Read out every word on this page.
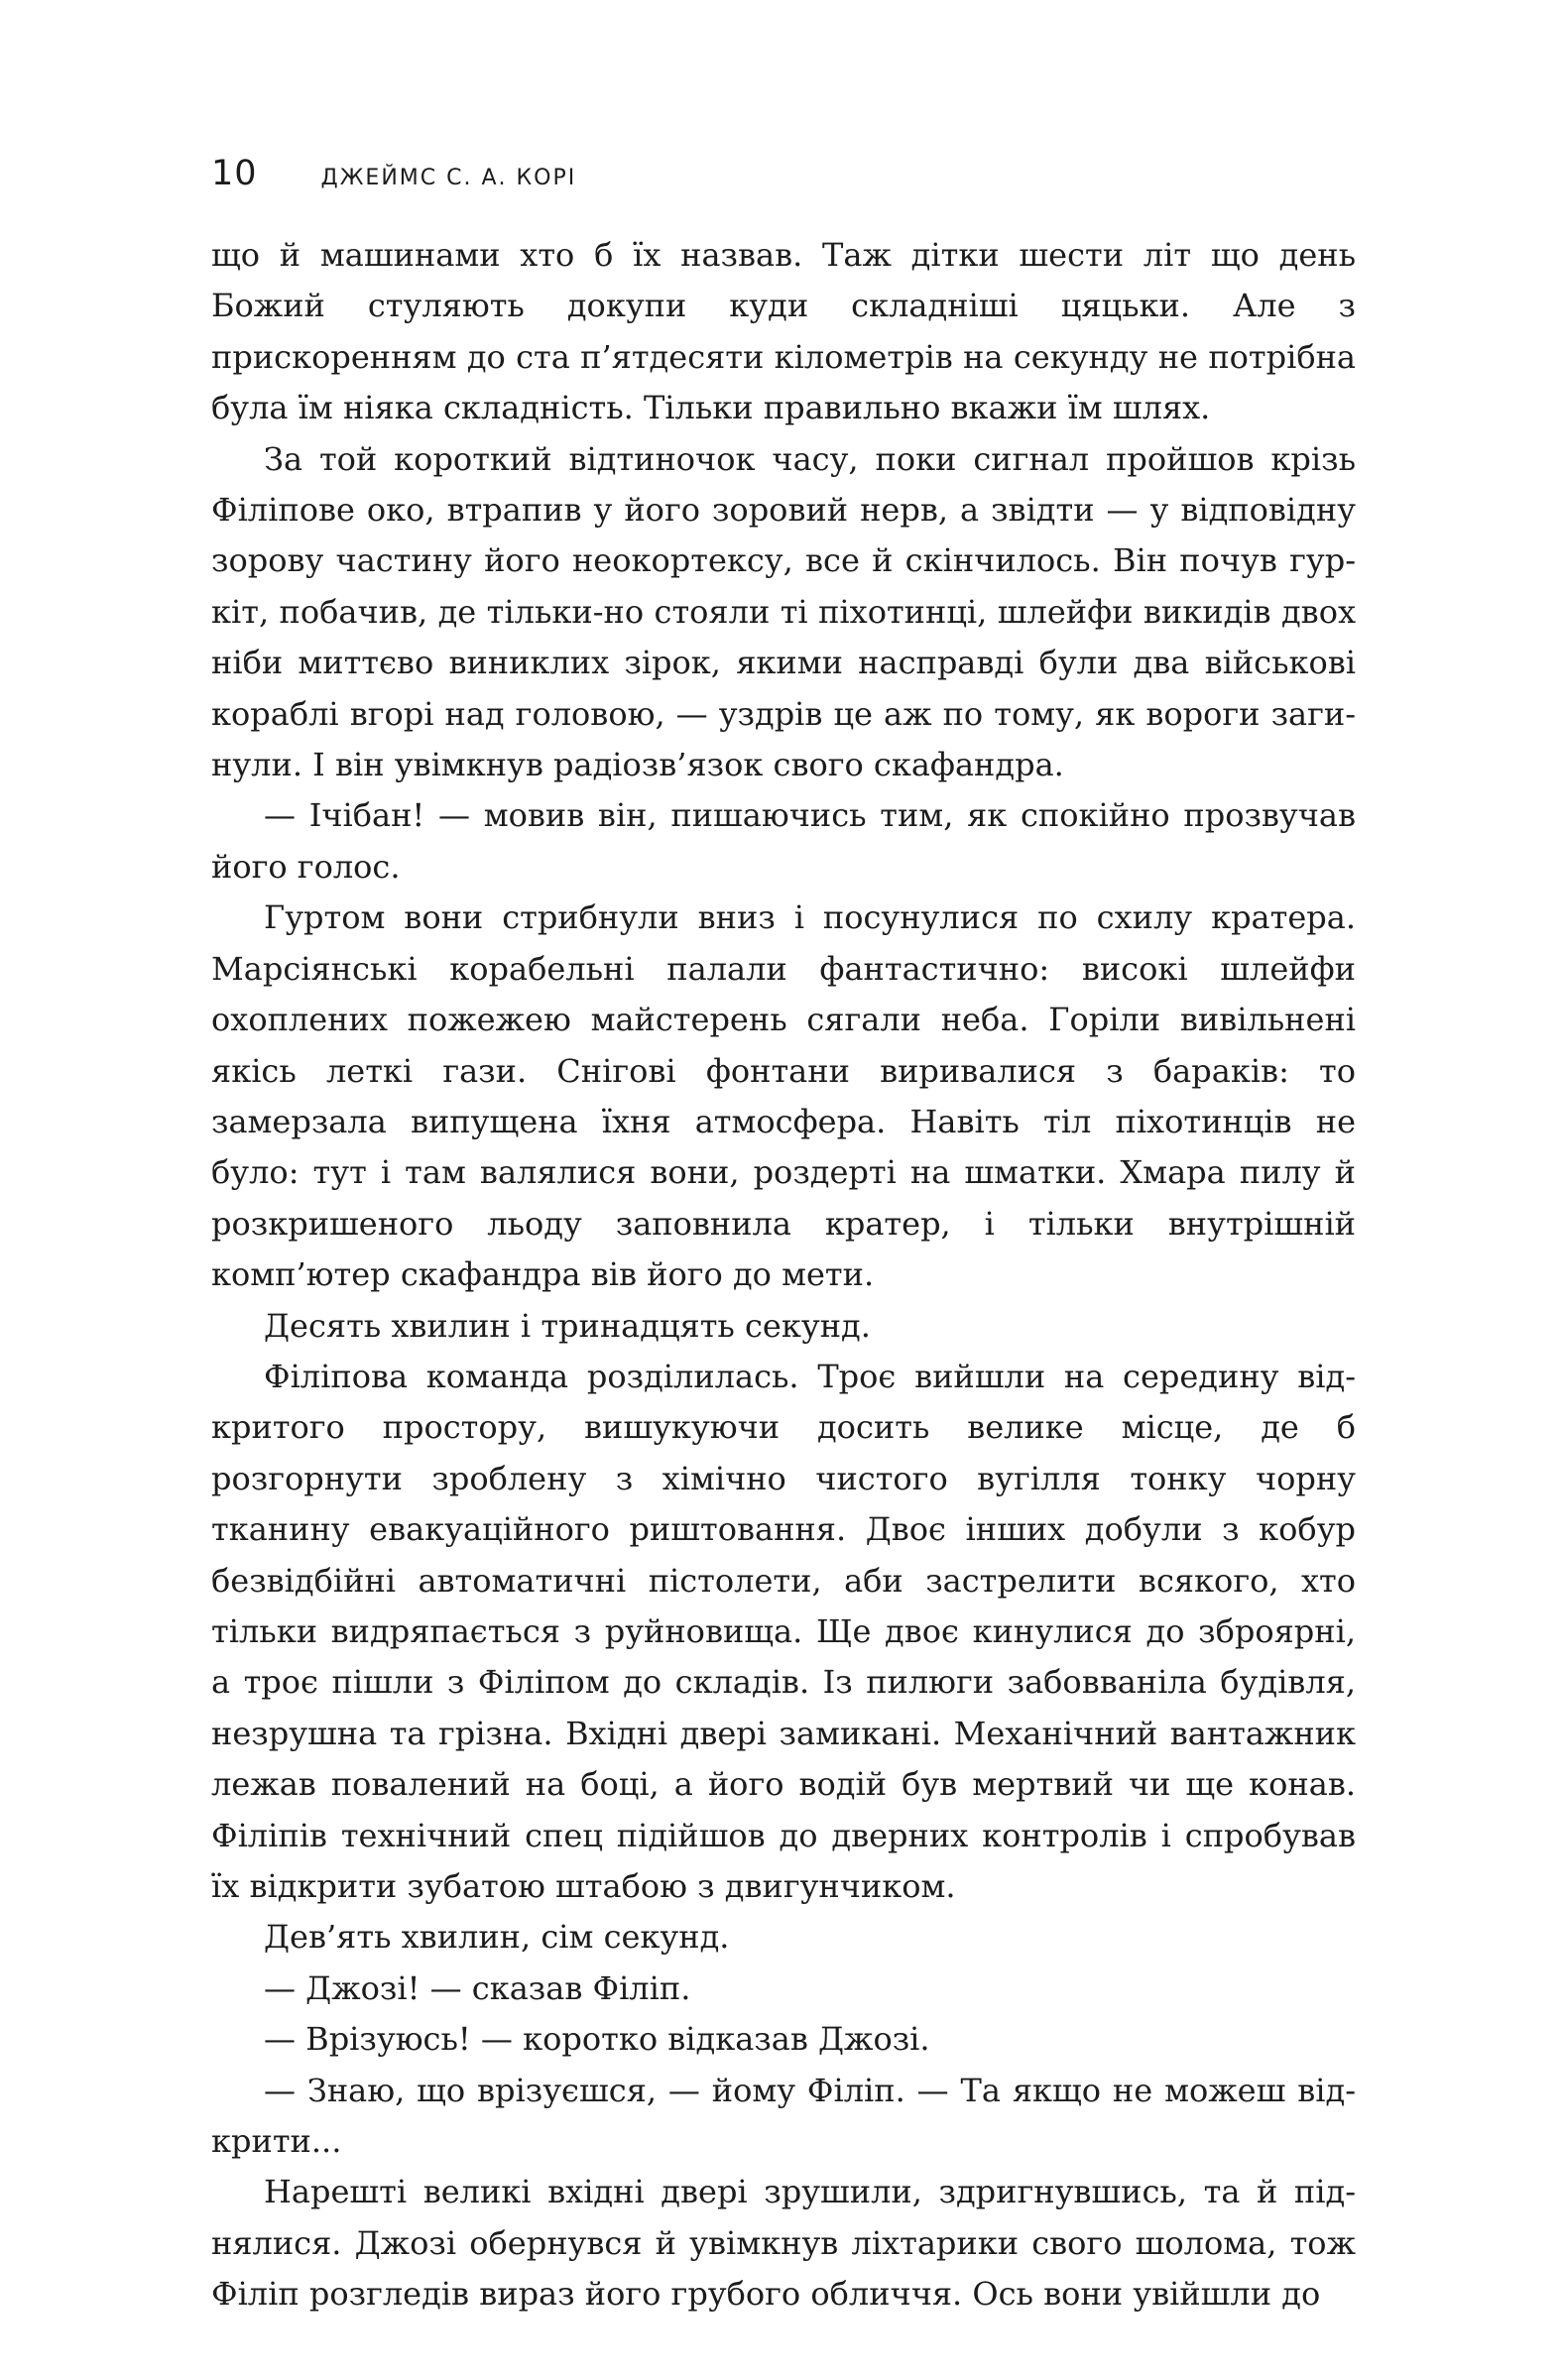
10	ДЖЕЙМС С. А. КОРІ

що й машинами хто б їх назвав. Таж дітки шести літ що день Божий стуляють докупи куди складніші цяцьки. Але з прискоренням до ста п’ятдесяти кілометрів на секунду не потрібна була їм ніяка складність. Тільки правильно вкажи їм шлях.

За той короткий відтиночок часу, поки сигнал пройшов крізь Філіпове око, втрапив у його зоровий нерв, а звідти — у відповідну зорову частину його неокортексу, все й скінчилось. Він почув гуркіт, побачив, де тільки-но стояли ті піхотинці, шлейфи викидів двох ніби миттєво виниклих зірок, якими насправді були два військові кораблі вгорі над головою, — уздрів це аж по тому, як вороги загинули. І він увімкнув радіозв’язок свого скафандра.

— Ічібан! — мовив він, пишаючись тим, як спокійно прозвучав його голос.

Гуртом вони стрибнули вниз і посунулися по схилу кратера. Марсіянські корабельні палали фантастично: високі шлейфи охоплених пожежею майстерень сягали неба. Горіли вивільнені якісь леткі гази. Снігові фонтани виривалися з бараків: то замерзала випущена їхня атмосфера. Навіть тіл піхотинців не було: тут і там валялися вони, роздерті на шматки. Хмара пилу й розкришеного льоду заповнила кратер, і тільки внутрішній комп’ютер скафандра вів його до мети.

Десять хвилин і тринадцять секунд.

Філіпова команда розділилась. Троє вийшли на середину відкритого простору, вишукуючи досить велике місце, де б розгорнути зроблену з хімічно чистого вугілля тонку чорну тканину евакуаційного риштовання. Двоє інших добули з кобур безвідбійні автоматичні пістолети, аби застрелити всякого, хто тільки видряпається з руйновища. Ще двоє кинулися до зброярні, а троє пішли з Філіпом до складів. Із пилюги забовваніла будівля, незрушна та грізна. Вхідні двері замикані. Механічний вантажник лежав повалений на боці, а його водій був мертвий чи ще конав. Філіпів технічний спец підійшов до дверних контролів і спробував їх відкрити зубатою штабою з двигунчиком.

Дев’ять хвилин, сім секунд.

— Джозі! — сказав Філіп.

— Врізуюсь! — коротко відказав Джозі.

— Знаю, що врізуєшся, — йому Філіп. — Та якщо не можеш відкрити...

Нарешті великі вхідні двері зрушили, здригнувшись, та й піднялися. Джозі обернувся й увімкнув ліхтарики свого шолома, тож Філіп розгледів вираз його грубого обличчя. Ось вони увійшли до
